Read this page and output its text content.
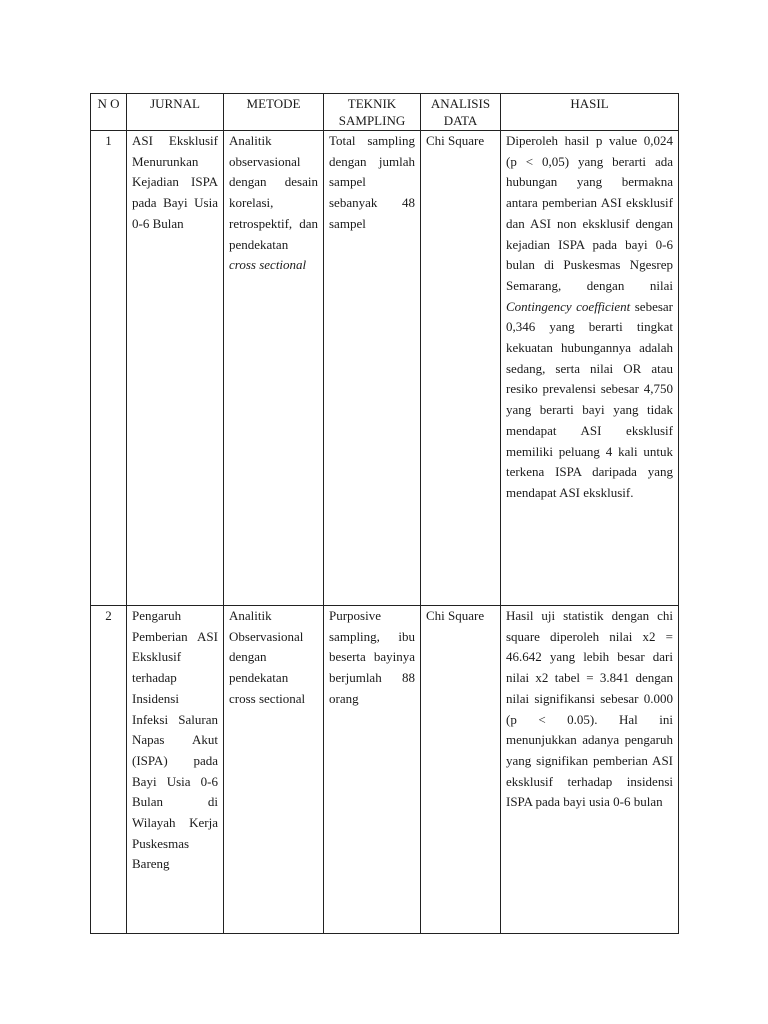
N O	JURNAL	METODE	TEKNIK SAMPLING	ANALISIS DATA	HASIL
1	ASI Eksklusif Menurunkan Kejadian ISPA pada Bayi Usia 0-6 Bulan	Analitik observasional dengan desain korelasi, retrospektif, dan pendekatan cross sectional	Total sampling dengan jumlah sampel sebanyak 48 sampel	Chi Square	Diperoleh hasil p value 0,024 (p < 0,05) yang berarti ada hubungan yang bermakna antara pemberian ASI eksklusif dan ASI non eksklusif dengan kejadian ISPA pada bayi 0-6 bulan di Puskesmas Ngesrep Semarang, dengan nilai Contingency coefficient sebesar 0,346 yang berarti tingkat kekuatan hubungannya adalah sedang, serta nilai OR atau resiko prevalensi sebesar 4,750 yang berarti bayi yang tidak mendapat ASI eksklusif memiliki peluang 4 kali untuk terkena ISPA daripada yang mendapat ASI eksklusif.

2	Pengaruh Pemberian ASI Eksklusif terhadap Insidensi Infeksi Saluran Napas Akut (ISPA) pada Bayi Usia 0-6 Bulan di Wilayah Kerja Puskesmas Bareng	Analitik Observasional dengan pendekatan cross sectional	Purposive sampling, ibu beserta bayinya berjumlah 88 orang	Chi Square	Hasil uji statistik dengan chi square diperoleh nilai x2 = 46.642 yang lebih besar dari nilai x2 tabel = 3.841 dengan nilai signifikansi sebesar 0.000 (p < 0.05). Hal ini menunjukkan adanya pengaruh yang signifikan pemberian ASI eksklusif terhadap insidensi ISPA pada bayi usia 0-6 bulan
